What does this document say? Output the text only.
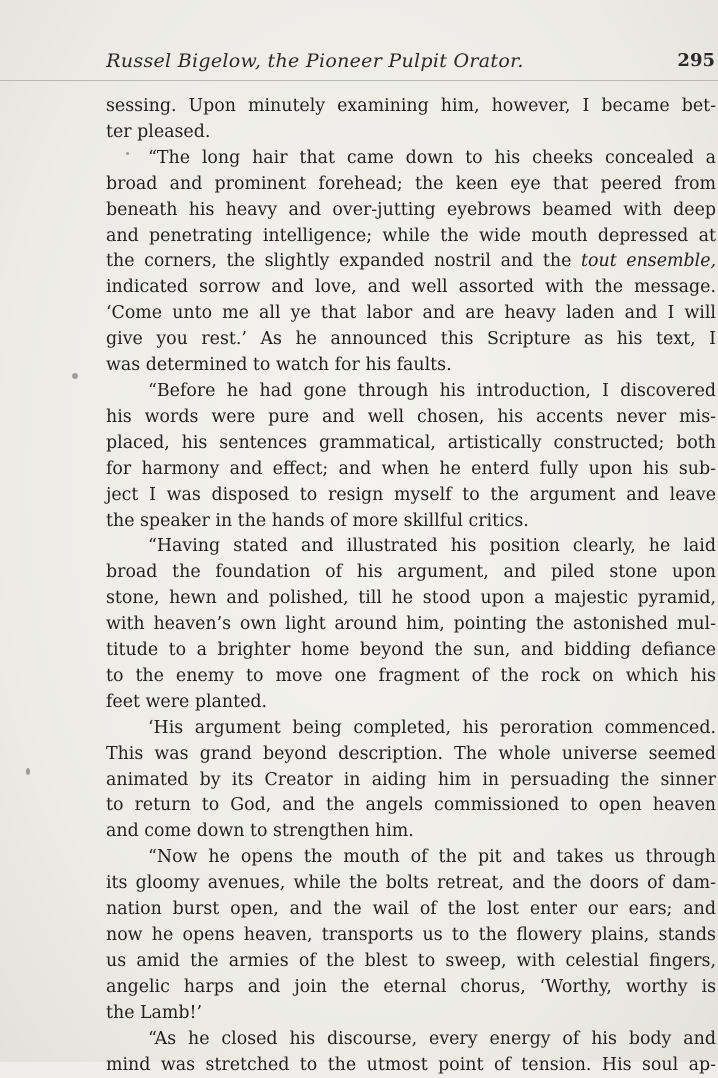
Russel Bigelow, the Pioneer Pulpit Orator.	295

sessing. Upon minutely examining him, however, I became bet-
ter pleased.

“The long hair that came down to his cheeks concealed a
broad and prominent forehead; the keen eye that peered from
beneath his heavy and over-jutting eyebrows beamed with deep
and penetrating intelligence; while the wide mouth depressed at
the corners, the slightly expanded nostril and the tout ensemble,
indicated sorrow and love, and well assorted with the message.
‘Come unto me all ye that labor and are heavy laden and I will
give you rest.’ As he announced this Scripture as his text, I
was determined to watch for his faults.

“Before he had gone through his introduction, I discovered
his words were pure and well chosen, his accents never mis-
placed, his sentences grammatical, artistically constructed; both
for harmony and effect; and when he enterd fully upon his sub-
ject I was disposed to resign myself to the argument and leave
the speaker in the hands of more skillful critics.

“Having stated and illustrated his position clearly, he laid
broad the foundation of his argument, and piled stone upon
stone, hewn and polished, till he stood upon a majestic pyramid,
with heaven’s own light around him, pointing the astonished mul-
titude to a brighter home beyond the sun, and bidding defiance
to the enemy to move one fragment of the rock on which his
feet were planted.

‘His argument being completed, his peroration commenced.
This was grand beyond description. The whole universe seemed
animated by its Creator in aiding him in persuading the sinner
to return to God, and the angels commissioned to open heaven
and come down to strengthen him.

“Now he opens the mouth of the pit and takes us through
its gloomy avenues, while the bolts retreat, and the doors of dam-
nation burst open, and the wail of the lost enter our ears; and
now he opens heaven, transports us to the flowery plains, stands
us amid the armies of the blest to sweep, with celestial fingers,
angelic harps and join the eternal chorus, ‘Worthy, worthy is
the Lamb!’

“As he closed his discourse, every energy of his body and
mind was stretched to the utmost point of tension. His soul ap-
